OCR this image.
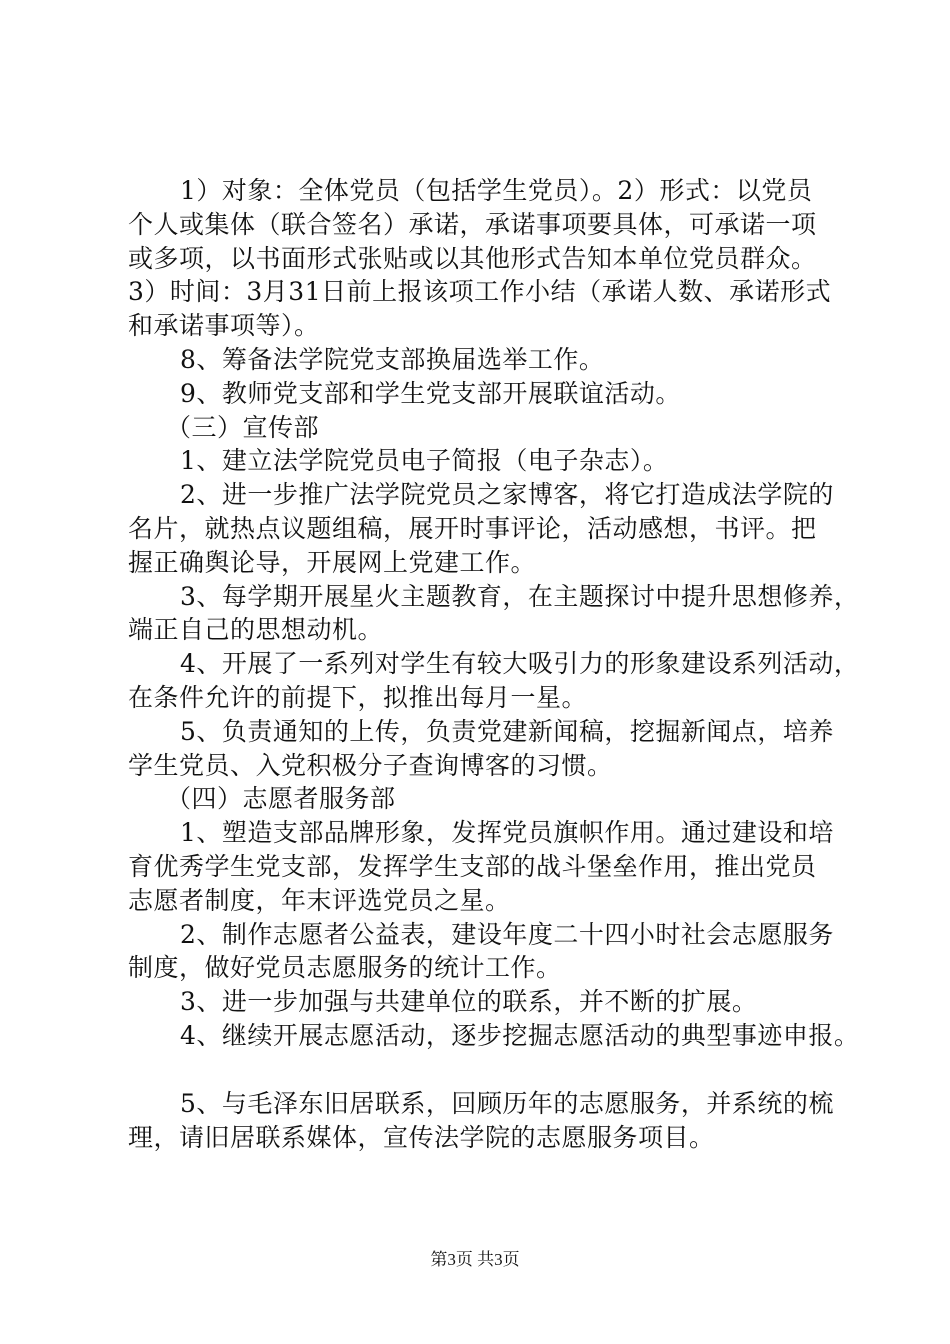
1）对象：全体党员（包括学生党员）。2）形式：以党员
个人或集体（联合签名）承诺，承诺事项要具体，可承诺一项
或多项，以书面形式张贴或以其他形式告知本单位党员群众。
3）时间：3月31日前上报该项工作小结（承诺人数、承诺形式
和承诺事项等）。
8、筹备法学院党支部换届选举工作。
9、教师党支部和学生党支部开展联谊活动。
（三）宣传部
1、建立法学院党员电子简报（电子杂志）。
2、进一步推广法学院党员之家博客，将它打造成法学院的
名片，就热点议题组稿，展开时事评论，活动感想，书评。把
握正确舆论导，开展网上党建工作。
3、每学期开展星火主题教育，在主题探讨中提升思想修养，
端正自己的思想动机。
4、开展了一系列对学生有较大吸引力的形象建设系列活动，
在条件允许的前提下，拟推出每月一星。
5、负责通知的上传，负责党建新闻稿，挖掘新闻点，培养
学生党员、入党积极分子查询博客的习惯。
（四）志愿者服务部
1、塑造支部品牌形象，发挥党员旗帜作用。通过建设和培
育优秀学生党支部，发挥学生支部的战斗堡垒作用，推出党员
志愿者制度，年末评选党员之星。
2、制作志愿者公益表，建设年度二十四小时社会志愿服务
制度，做好党员志愿服务的统计工作。
3、进一步加强与共建单位的联系，并不断的扩展。
4、继续开展志愿活动，逐步挖掘志愿活动的典型事迹申报。
5、与毛泽东旧居联系，回顾历年的志愿服务，并系统的梳
理，请旧居联系媒体，宣传法学院的志愿服务项目。
第3页 共3页
